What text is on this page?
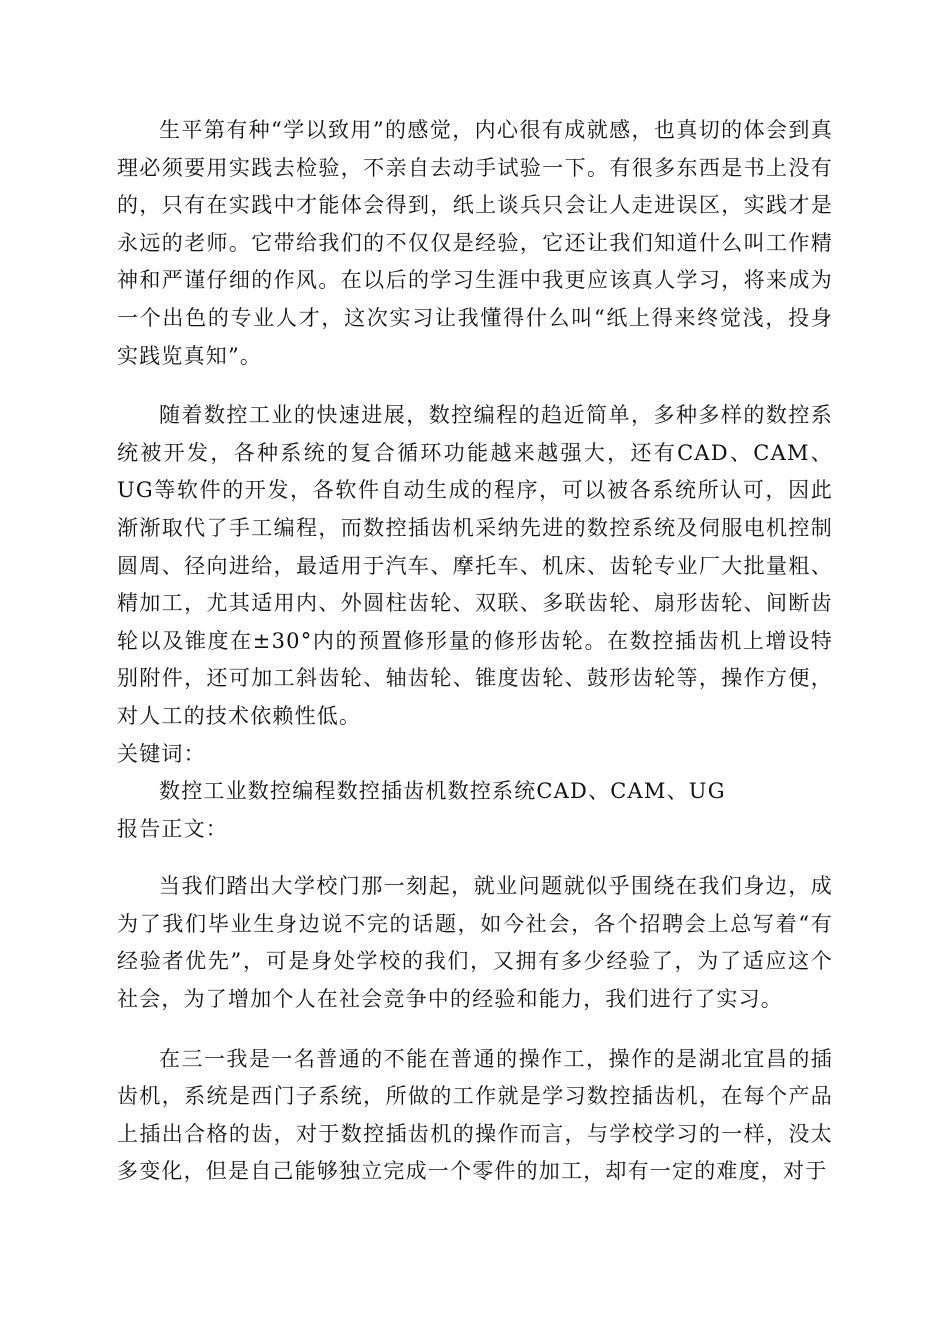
生平第有种“学以致用”的感觉，内心很有成就感，也真切的体会到真理必须要用实践去检验，不亲自去动手试验一下。有很多东西是书上没有的，只有在实践中才能体会得到，纸上谈兵只会让人走进误区，实践才是永远的老师。它带给我们的不仅仅是经验，它还让我们知道什么叫工作精神和严谨仔细的作风。在以后的学习生涯中我更应该真人学习，将来成为一个出色的专业人才，这次实习让我懂得什么叫“纸上得来终觉浅，投身实践览真知”。

随着数控工业的快速进展，数控编程的趋近简单，多种多样的数控系统被开发，各种系统的复合循环功能越来越强大，还有CAD、CAM、UG等软件的开发，各软件自动生成的程序，可以被各系统所认可，因此渐渐取代了手工编程，而数控插齿机采纳先进的数控系统及伺服电机控制圆周、径向进给，最适用于汽车、摩托车、机床、齿轮专业厂大批量粗、精加工，尤其适用内、外圆柱齿轮、双联、多联齿轮、扇形齿轮、间断齿轮以及锥度在±30°内的预置修形量的修形齿轮。在数控插齿机上增设特别附件，还可加工斜齿轮、轴齿轮、锥度齿轮、鼓形齿轮等，操作方便，对人工的技术依赖性低。

关键词：

数控工业数控编程数控插齿机数控系统CAD、CAM、UG

报告正文：

当我们踏出大学校门那一刻起，就业问题就似乎围绕在我们身边，成为了我们毕业生身边说不完的话题，如今社会，各个招聘会上总写着“有经验者优先”，可是身处学校的我们，又拥有多少经验了，为了适应这个社会，为了增加个人在社会竞争中的经验和能力，我们进行了实习。

在三一我是一名普通的不能在普通的操作工，操作的是湖北宜昌的插齿机，系统是西门子系统，所做的工作就是学习数控插齿机，在每个产品上插出合格的齿，对于数控插齿机的操作而言，与学校学习的一样，没太多变化，但是自己能够独立完成一个零件的加工，却有一定的难度，对于
